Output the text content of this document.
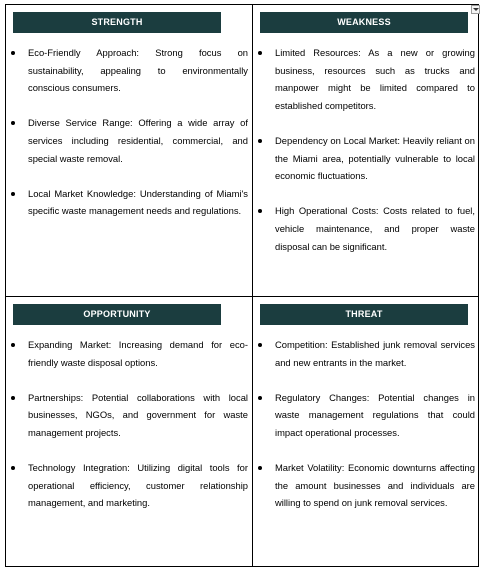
STRENGTH
Eco-Friendly Approach: Strong focus on sustainability, appealing to environmentally conscious consumers.
Diverse Service Range: Offering a wide array of services including residential, commercial, and special waste removal.
Local Market Knowledge: Understanding of Miami's specific waste management needs and regulations.
WEAKNESS
Limited Resources: As a new or growing business, resources such as trucks and manpower might be limited compared to established competitors.
Dependency on Local Market: Heavily reliant on the Miami area, potentially vulnerable to local economic fluctuations.
High Operational Costs: Costs related to fuel, vehicle maintenance, and proper waste disposal can be significant.
OPPORTUNITY
Expanding Market: Increasing demand for eco-friendly waste disposal options.
Partnerships: Potential collaborations with local businesses, NGOs, and government for waste management projects.
Technology Integration: Utilizing digital tools for operational efficiency, customer relationship management, and marketing.
THREAT
Competition: Established junk removal services and new entrants in the market.
Regulatory Changes: Potential changes in waste management regulations that could impact operational processes.
Market Volatility: Economic downturns affecting the amount businesses and individuals are willing to spend on junk removal services.
